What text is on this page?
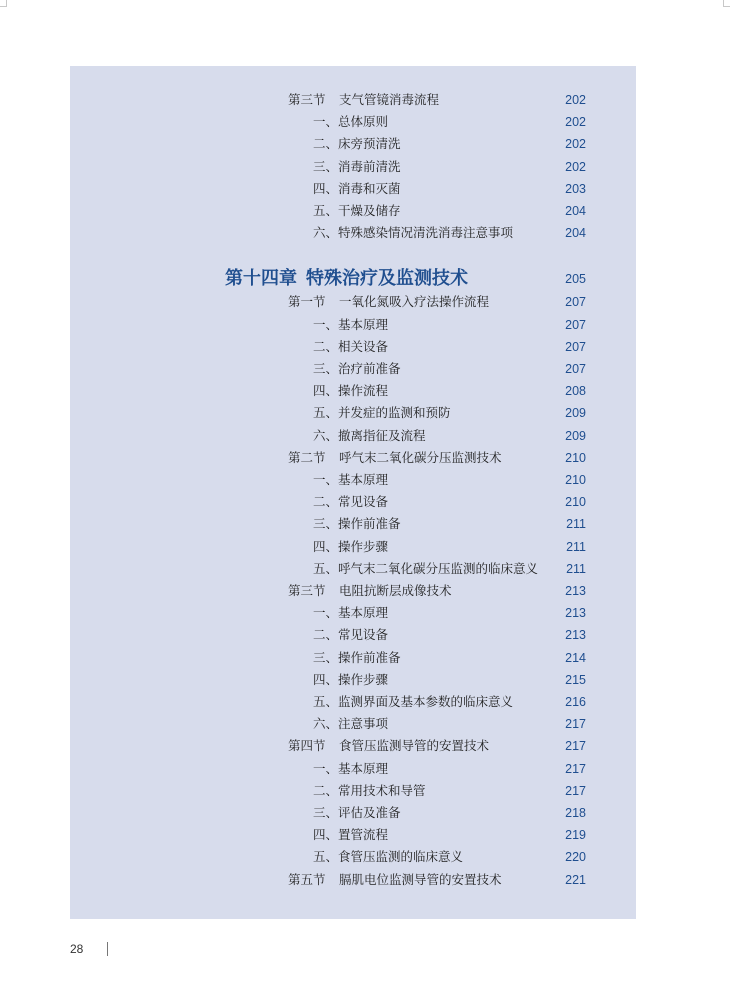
第三节 支气管镜消毒流程	202
一、总体原则	202
二、床旁预清洗	202
三、消毒前清洗	202
四、消毒和灭菌	203
五、干燥及储存	204
六、特殊感染情况清洗消毒注意事项	204
第十四章 特殊治疗及监测技术	205
第一节 一氧化氮吸入疗法操作流程	207
一、基本原理	207
二、相关设备	207
三、治疗前准备	207
四、操作流程	208
五、并发症的监测和预防	209
六、撤离指征及流程	209
第二节 呼气末二氧化碳分压监测技术	210
一、基本原理	210
二、常见设备	210
三、操作前准备	211
四、操作步骤	211
五、呼气末二氧化碳分压监测的临床意义	211
第三节 电阻抗断层成像技术	213
一、基本原理	213
二、常见设备	213
三、操作前准备	214
四、操作步骤	215
五、监测界面及基本参数的临床意义	216
六、注意事项	217
第四节 食管压监测导管的安置技术	217
一、基本原理	217
二、常用技术和导管	217
三、评估及准备	218
四、置管流程	219
五、食管压监测的临床意义	220
第五节 膈肌电位监测导管的安置技术	221
28
